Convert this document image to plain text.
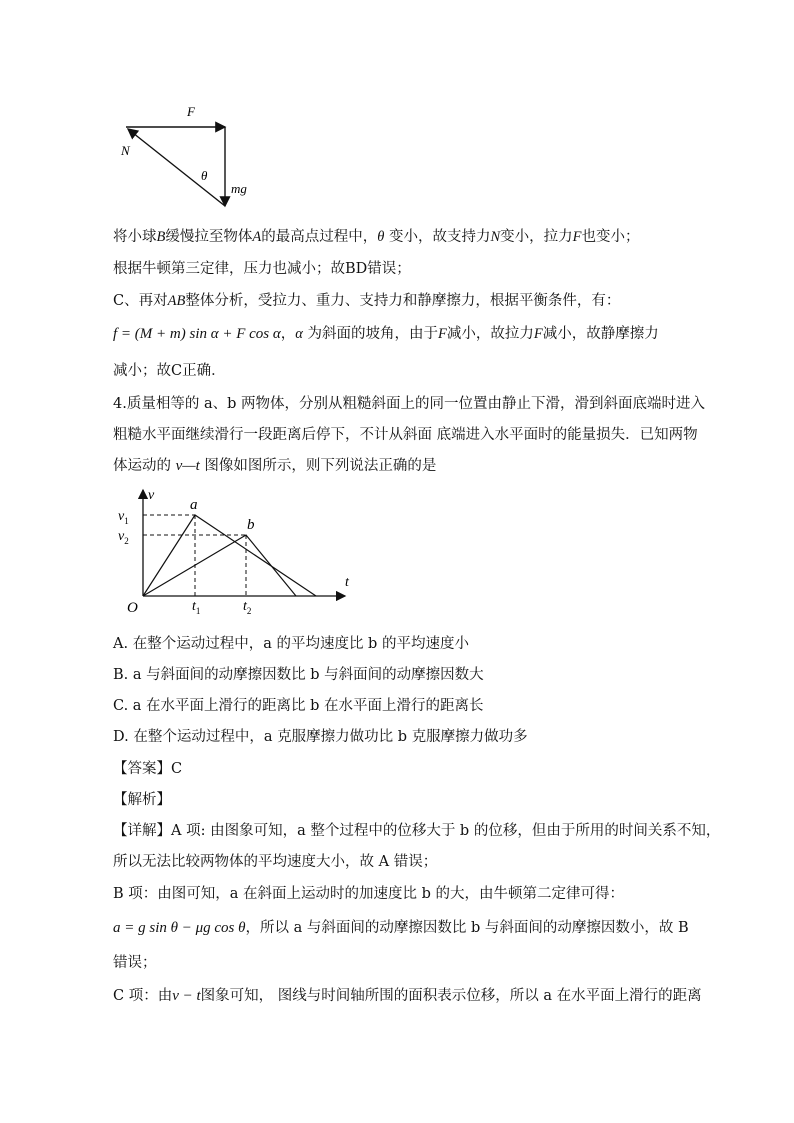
F
N
θ
mg
将小球B缓慢拉至物体A的最高点过程中，θ 变小，故支持力N变小，拉力F也变小；
根据牛顿第三定律，压力也减小；故BD错误；
C、再对AB整体分析，受拉力、重力、支持力和静摩擦力，根据平衡条件，有：
f = (M + m) sin α + F cos α，α 为斜面的坡角，由于F减小，故拉力F减小，故静摩擦力
减小；故C正确．
4.质量相等的 a、b 两物体，分别从粗糙斜面上的同一位置由静止下滑，滑到斜面底端时进入
粗糙水平面继续滑行一段距离后停下，不计从斜面 底端进入水平面时的能量损失．已知两物
体运动的 v—t 图像如图所示，则下列说法正确的是
v
t
O
a
b
$v_1$
$v_2$
$t_1$	$t_2$
A. 在整个运动过程中，a 的平均速度比 b 的平均速度小
B. a 与斜面间的动摩擦因数比 b 与斜面间的动摩擦因数大
C. a 在水平面上滑行的距离比 b 在水平面上滑行的距离长
D. 在整个运动过程中，a 克服摩擦力做功比 b 克服摩擦力做功多
【答案】C
【解析】
【详解】A 项: 由图象可知，a 整个过程中的位移大于 b 的位移，但由于所用的时间关系不知，
所以无法比较两物体的平均速度大小，故 A 错误；
B 项：由图可知，a 在斜面上运动时的加速度比 b 的大，由牛顿第二定律可得：
a = g sin θ − μg cos θ，所以 a 与斜面间的动摩擦因数比 b 与斜面间的动摩擦因数小，故 B
错误；
C 项：由v − t图象可知， 图线与时间轴所围的面积表示位移，所以 a 在水平面上滑行的距离
